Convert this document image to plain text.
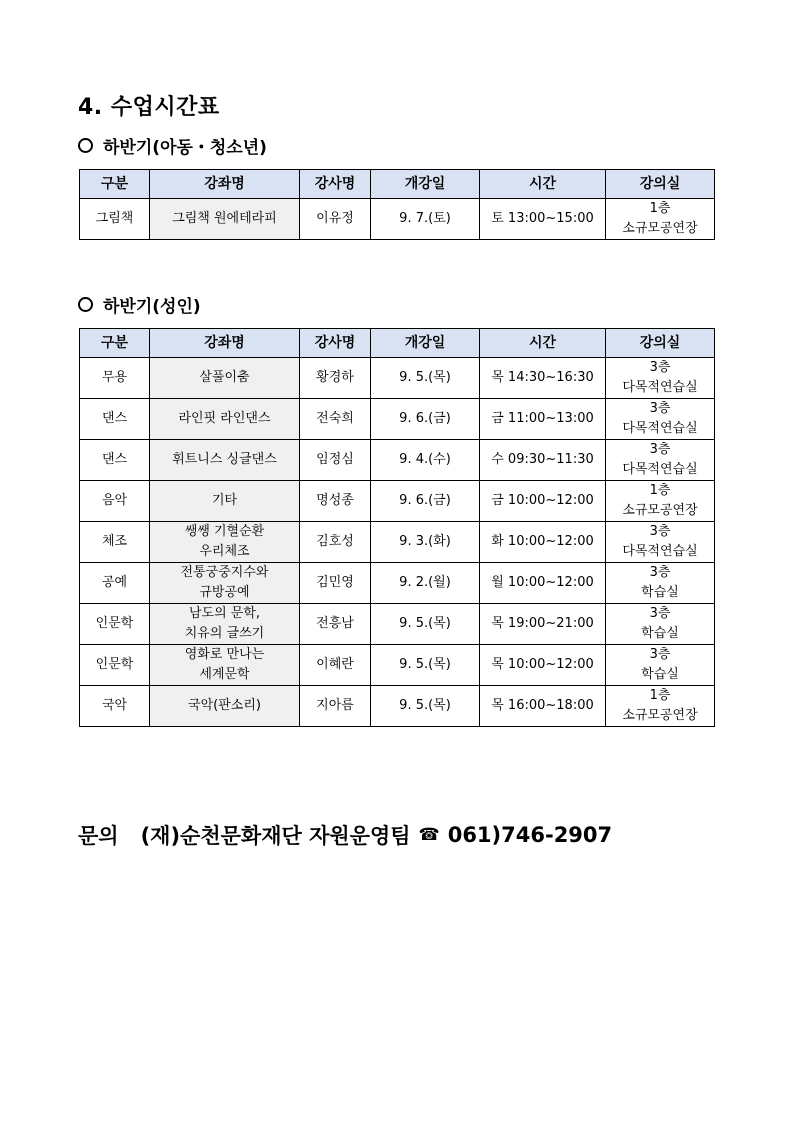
4. 수업시간표
하반기(아동・청소년)
구분	강좌명	강사명	개강일	시간	강의실
그림책	그림책 원에테라피	이유정	9. 7.(토)	토 13:00~15:00	1층
소규모공연장
하반기(성인)
구분	강좌명	강사명	개강일	시간	강의실
무용	살풀이춤	황경하	9. 5.(목)	목 14:30~16:30	3층
다목적연습실

댄스	라인핏 라인댄스	전숙희	9. 6.(금)	금 11:00~13:00	3층
다목적연습실

댄스	휘트니스 싱글댄스	임정심	9. 4.(수)	수 09:30~11:30	3층
다목적연습실

음악	기타	명성종	9. 6.(금)	금 10:00~12:00	1층
소규모공연장

체조	쌩쌩 기혈순환
우리체조	김호성	9. 3.(화)	화 10:00~12:00	3층
다목적연습실

공예	전통궁중지수와
규방공예	김민영	9. 2.(월)	월 10:00~12:00	3층
학습실

인문학	남도의 문학,
치유의 글쓰기	전흥남	9. 5.(목)	목 19:00~21:00	3층
학습실

인문학	영화로 만나는
세계문학	이혜란	9. 5.(목)	목 10:00~12:00	3층
학습실

국악	국악(판소리)	지아름	9. 5.(목)	목 16:00~18:00	1층
소규모공연장
문의 (재)순천문화재단 자원운영팀 ☎ 061)746-2907
